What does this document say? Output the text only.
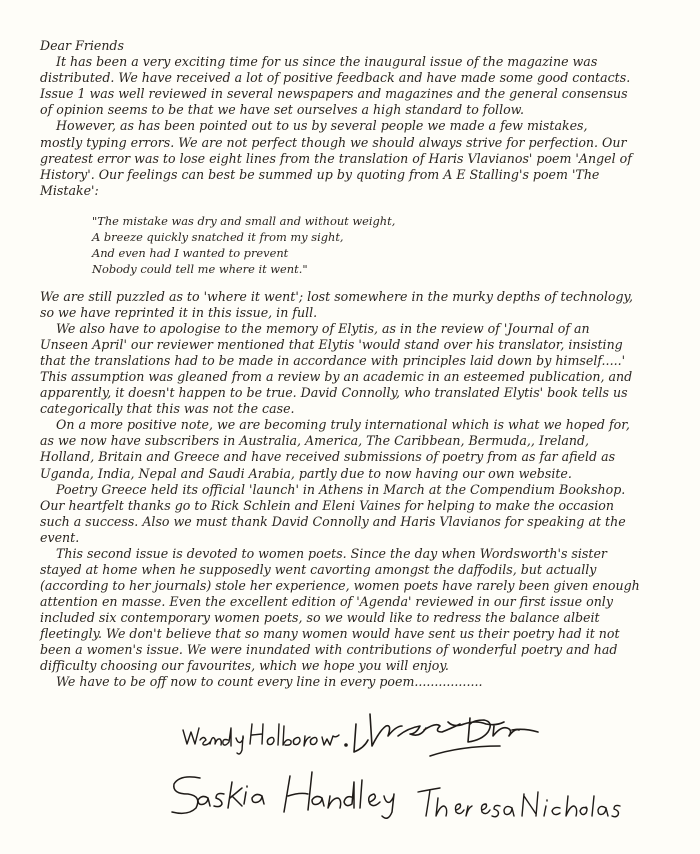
Dear Friends
It has been a very exciting time for us since the inaugural issue of the magazine was
distributed. We have received a lot of positive feedback and have made some good contacts.
Issue 1 was well reviewed in several newspapers and magazines and the general consensus
of opinion seems to be that we have set ourselves a high standard to follow.
However, as has been pointed out to us by several people we made a few mistakes,
mostly typing errors. We are not perfect though we should always strive for perfection. Our
greatest error was to lose eight lines from the translation of Haris Vlavianos' poem 'Angel of
History'. Our feelings can best be summed up by quoting from A E Stalling's poem 'The
Mistake':
"The mistake was dry and small and without weight,
A breeze quickly snatched it from my sight,
And even had I wanted to prevent
Nobody could tell me where it went."
We are still puzzled as to 'where it went'; lost somewhere in the murky depths of technology,
so we have reprinted it in this issue, in full.
We also have to apologise to the memory of Elytis, as in the review of 'Journal of an
Unseen April' our reviewer mentioned that Elytis 'would stand over his translator, insisting
that the translations had to be made in accordance with principles laid down by himself.....'
This assumption was gleaned from a review by an academic in an esteemed publication, and
apparently, it doesn't happen to be true. David Connolly, who translated Elytis' book tells us
categorically that this was not the case.
On a more positive note, we are becoming truly international which is what we hoped for,
as we now have subscribers in Australia, America, The Caribbean, Bermuda,, Ireland,
Holland, Britain and Greece and have received submissions of poetry from as far afield as
Uganda, India, Nepal and Saudi Arabia, partly due to now having our own website.
Poetry Greece held its official 'launch' in Athens in March at the Compendium Bookshop.
Our heartfelt thanks go to Rick Schlein and Eleni Vaines for helping to make the occasion
such a success. Also we must thank David Connolly and Haris Vlavianos for speaking at the
event.
This second issue is devoted to women poets. Since the day when Wordsworth's sister
stayed at home when he supposedly went cavorting amongst the daffodils, but actually
(according to her journals) stole her experience, women poets have rarely been given enough
attention en masse. Even the excellent edition of 'Agenda' reviewed in our first issue only
included six contemporary women poets, so we would like to redress the balance albeit
fleetingly. We don't believe that so many women would have sent us their poetry had it not
been a women's issue. We were inundated with contributions of wonderful poetry and had
difficulty choosing our favourites, which we hope you will enjoy.
We have to be off now to count every line in every poem.................
